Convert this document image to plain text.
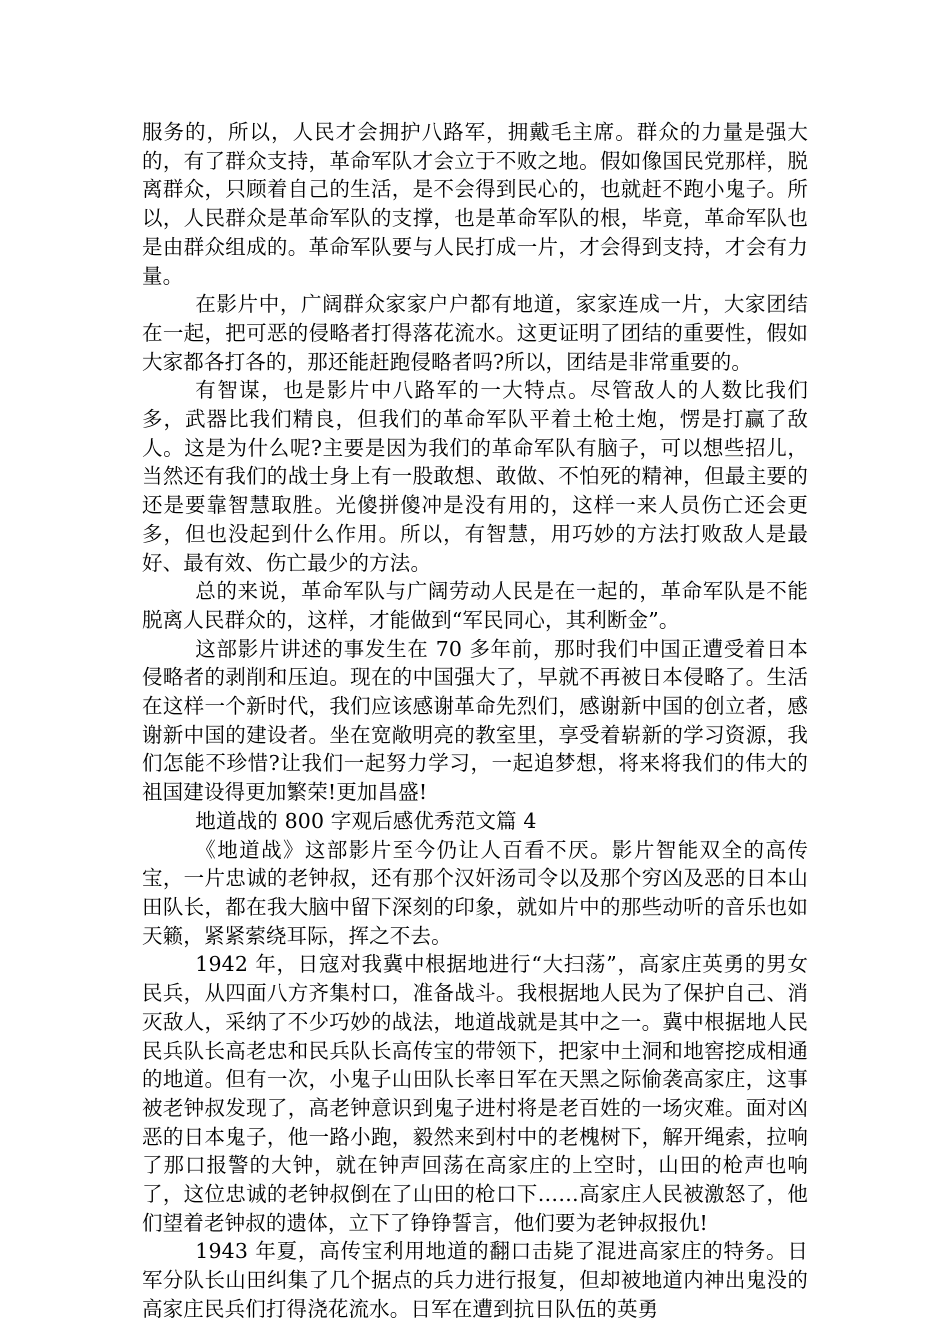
服务的，所以，人民才会拥护八路军，拥戴毛主席。群众的力量是强大的，有了群众支持，革命军队才会立于不败之地。假如像国民党那样，脱离群众，只顾着自己的生活，是不会得到民心的，也就赶不跑小鬼子。所以，人民群众是革命军队的支撑，也是革命军队的根，毕竟，革命军队也是由群众组成的。革命军队要与人民打成一片，才会得到支持，才会有力量。

在影片中，广阔群众家家户户都有地道，家家连成一片，大家团结在一起，把可恶的侵略者打得落花流水。这更证明了团结的重要性，假如大家都各打各的，那还能赶跑侵略者吗?所以，团结是非常重要的。

有智谋，也是影片中八路军的一大特点。尽管敌人的人数比我们多，武器比我们精良，但我们的革命军队平着土枪土炮，愣是打赢了敌人。这是为什么呢?主要是因为我们的革命军队有脑子，可以想些招儿，当然还有我们的战士身上有一股敢想、敢做、不怕死的精神，但最主要的还是要靠智慧取胜。光傻拼傻冲是没有用的，这样一来人员伤亡还会更多，但也没起到什么作用。所以，有智慧，用巧妙的方法打败敌人是最好、最有效、伤亡最少的方法。

总的来说，革命军队与广阔劳动人民是在一起的，革命军队是不能脱离人民群众的，这样，才能做到“军民同心，其利断金”。

这部影片讲述的事发生在 70 多年前，那时我们中国正遭受着日本侵略者的剥削和压迫。现在的中国强大了，早就不再被日本侵略了。生活在这样一个新时代，我们应该感谢革命先烈们，感谢新中国的创立者，感谢新中国的建设者。坐在宽敞明亮的教室里，享受着崭新的学习资源，我们怎能不珍惜?让我们一起努力学习，一起追梦想，将来将我们的伟大的祖国建设得更加繁荣!更加昌盛!

地道战的 800 字观后感优秀范文篇 4

《地道战》这部影片至今仍让人百看不厌。影片智能双全的高传宝，一片忠诚的老钟叔，还有那个汉奸汤司令以及那个穷凶及恶的日本山田队长，都在我大脑中留下深刻的印象，就如片中的那些动听的音乐也如天籁，紧紧萦绕耳际，挥之不去。

1942 年，日寇对我冀中根据地进行“大扫荡”，高家庄英勇的男女民兵，从四面八方齐集村口，准备战斗。我根据地人民为了保护自己、消灭敌人，采纳了不少巧妙的战法，地道战就是其中之一。冀中根据地人民民兵队长高老忠和民兵队长高传宝的带领下，把家中土洞和地窖挖成相通的地道。但有一次，小鬼子山田队长率日军在天黑之际偷袭高家庄，这事被老钟叔发现了，高老钟意识到鬼子进村将是老百姓的一场灾难。面对凶恶的日本鬼子，他一路小跑，毅然来到村中的老槐树下，解开绳索，拉响了那口报警的大钟，就在钟声回荡在高家庄的上空时，山田的枪声也响了，这位忠诚的老钟叔倒在了山田的枪口下……高家庄人民被激怒了，他们望着老钟叔的遗体，立下了铮铮誓言，他们要为老钟叔报仇!

1943 年夏，高传宝利用地道的翻口击毙了混进高家庄的特务。日军分队长山田纠集了几个据点的兵力进行报复，但却被地道内神出鬼没的高家庄民兵们打得浇花流水。日军在遭到抗日队伍的英勇
